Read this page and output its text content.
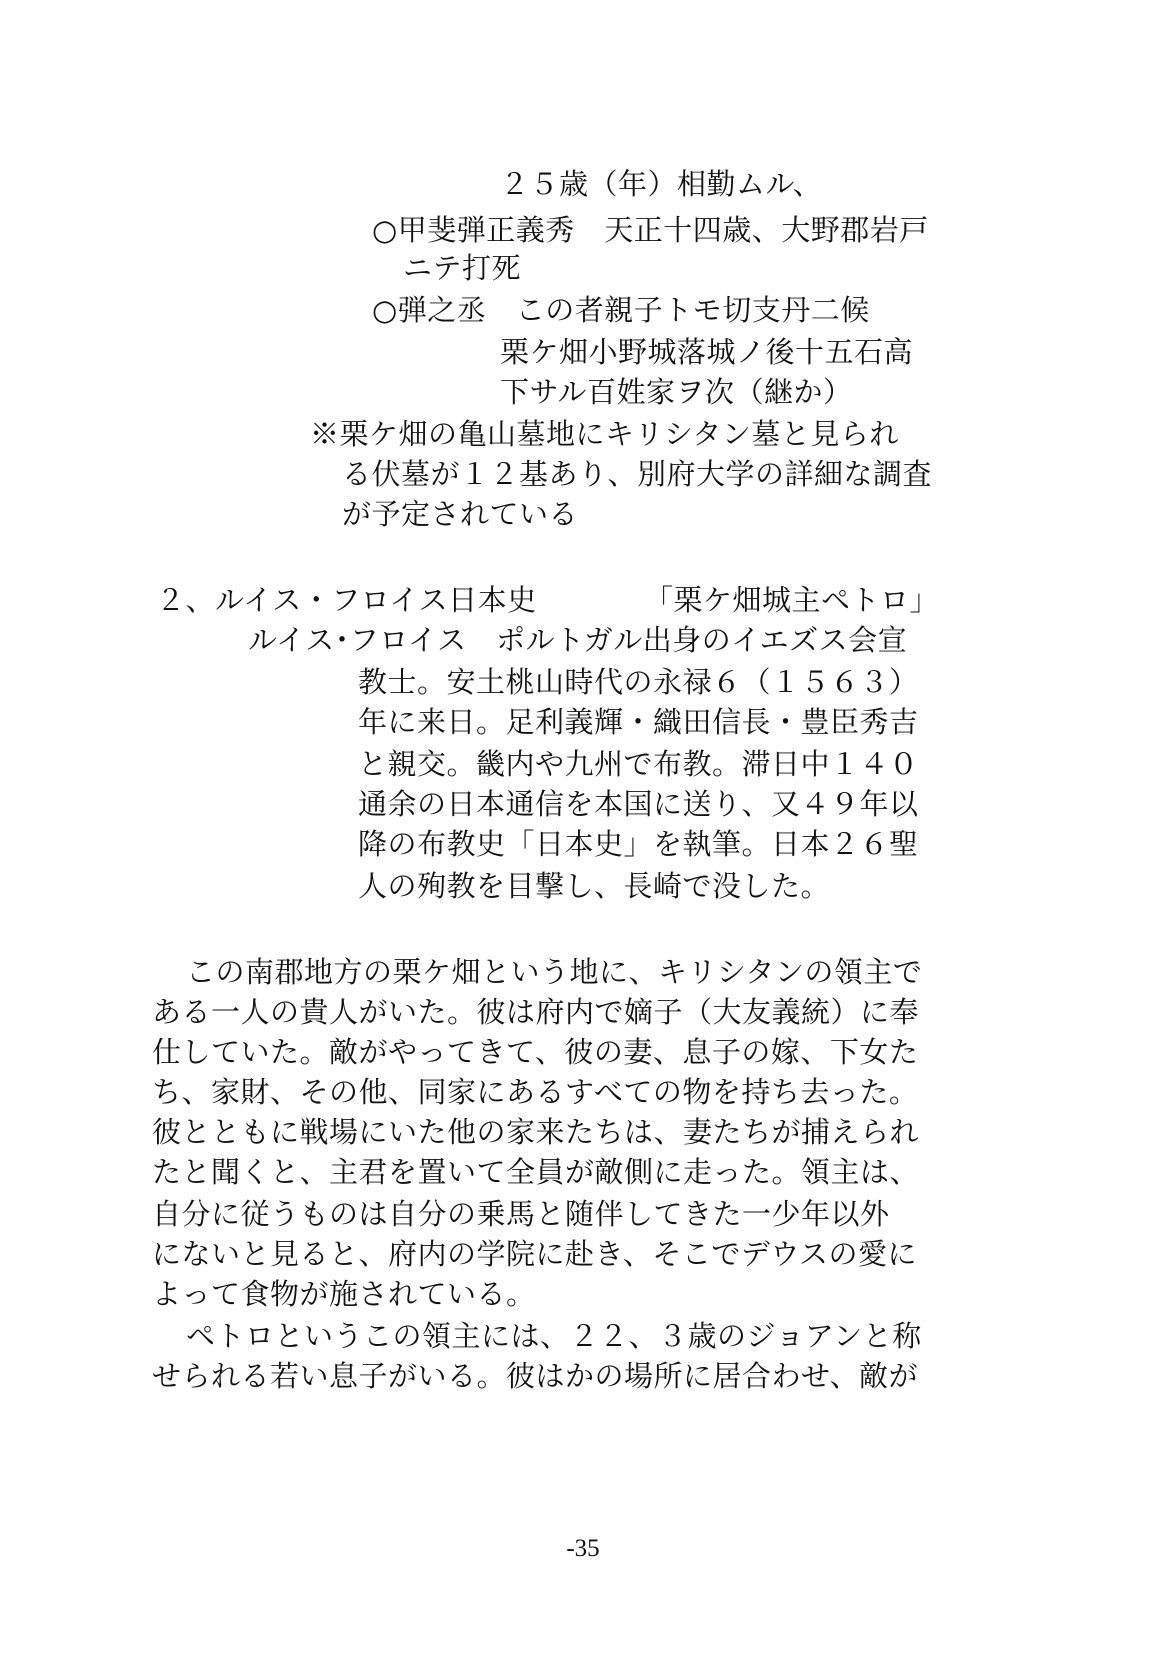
２５歳（年）相勤ムル、
○甲斐弾正義秀　天正十四歳、大野郡岩戸
ニテ打死
○弾之丞　この者親子トモ切支丹二候
栗ケ畑小野城落城ノ後十五石高
下サル百姓家ヲ次（継か）
※栗ケ畑の亀山墓地にキリシタン墓と見られ
る伏墓が１２基あり、別府大学の詳細な調査
が予定されている
２、ルイス・フロイス日本史	「栗ケ畑城主ペトロ」
ルイス･フロイス　ポルトガル出身のイエズス会宣
教士。安土桃山時代の永禄６（１５６３）
年に来日。足利義輝・織田信長・豊臣秀吉
と親交。畿内や九州で布教。滞日中１４０
通余の日本通信を本国に送り、又４９年以
降の布教史「日本史」を執筆。日本２６聖
人の殉教を目撃し、長崎で没した。
この南郡地方の栗ケ畑という地に、キリシタンの領主で
ある一人の貴人がいた。彼は府内で嫡子（大友義統）に奉
仕していた。敵がやってきて、彼の妻、息子の嫁、下女た
ち、家財、その他、同家にあるすべての物を持ち去った。
彼とともに戦場にいた他の家来たちは、妻たちが捕えられ
たと聞くと、主君を置いて全員が敵側に走った。領主は、
自分に従うものは自分の乗馬と随伴してきた一少年以外
にないと見ると、府内の学院に赴き、そこでデウスの愛に
よって食物が施されている。
ペトロというこの領主には、２２、３歳のジョアンと称
せられる若い息子がいる。彼はかの場所に居合わせ、敵が
-35
